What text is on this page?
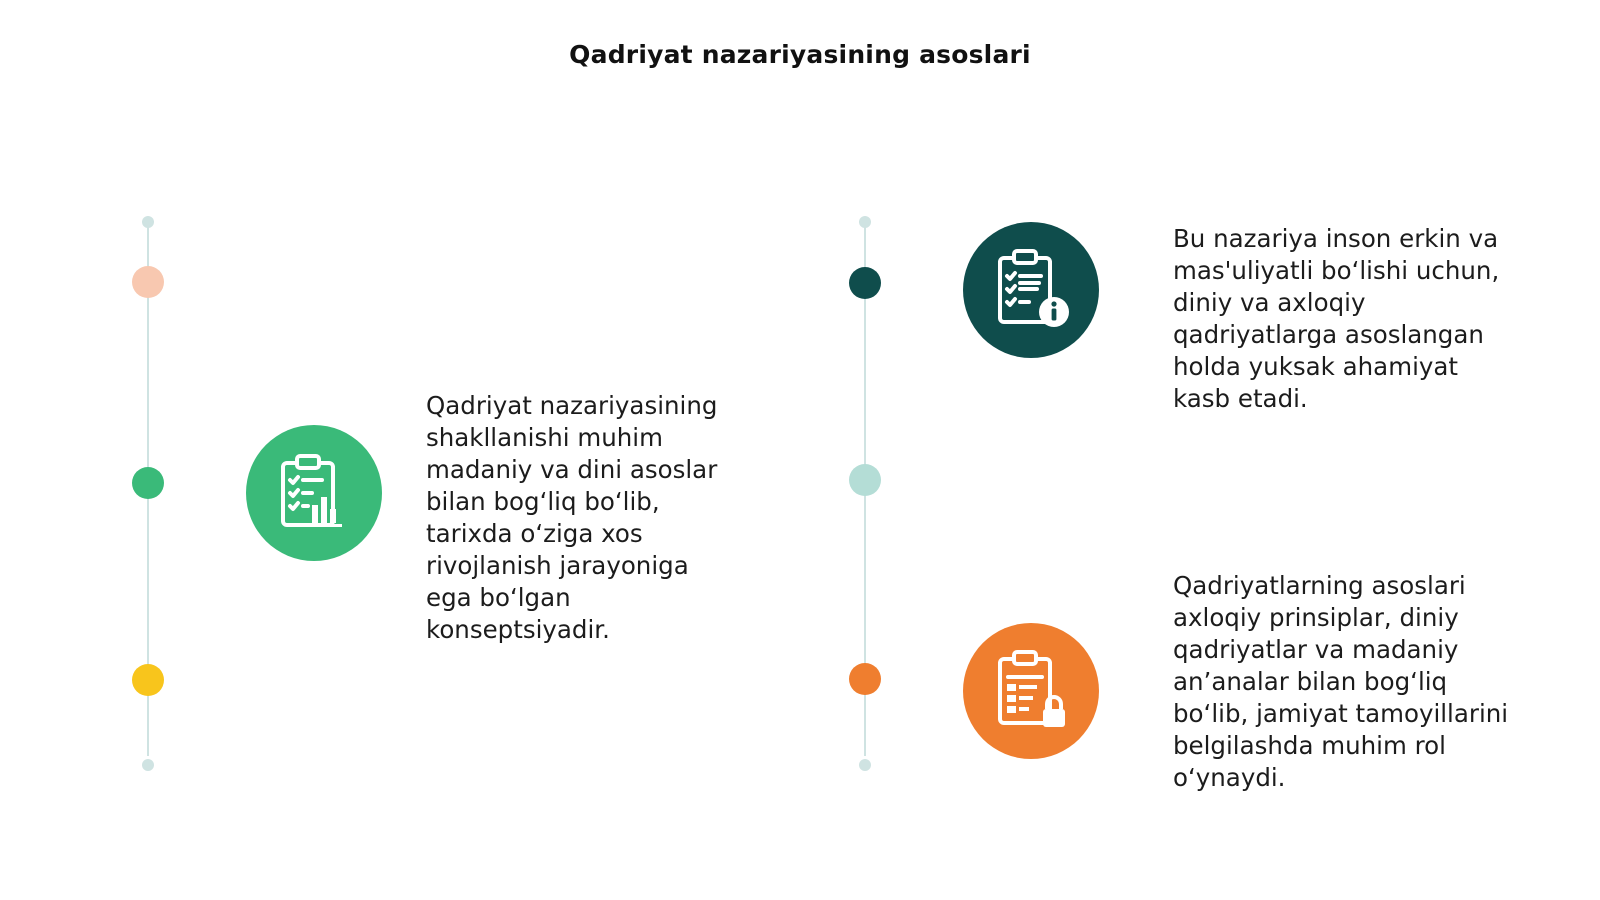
Qadriyat nazariyasining asoslari
Qadriyat nazariyasining
shakllanishi muhim
madaniy va dini asoslar
bilan bog‘liq bo‘lib,
tarixda o‘ziga xos
rivojlanish jarayoniga
ega bo‘lgan
konseptsiyadir.
Bu nazariya inson erkin va
mas'uliyatli bo‘lishi uchun,
diniy va axloqiy
qadriyatlarga asoslangan
holda yuksak ahamiyat
kasb etadi.
Qadriyatlarning asoslari
axloqiy prinsiplar, diniy
qadriyatlar va madaniy
an’analar bilan bog‘liq
bo‘lib, jamiyat tamoyillarini
belgilashda muhim rol
o‘ynaydi.
